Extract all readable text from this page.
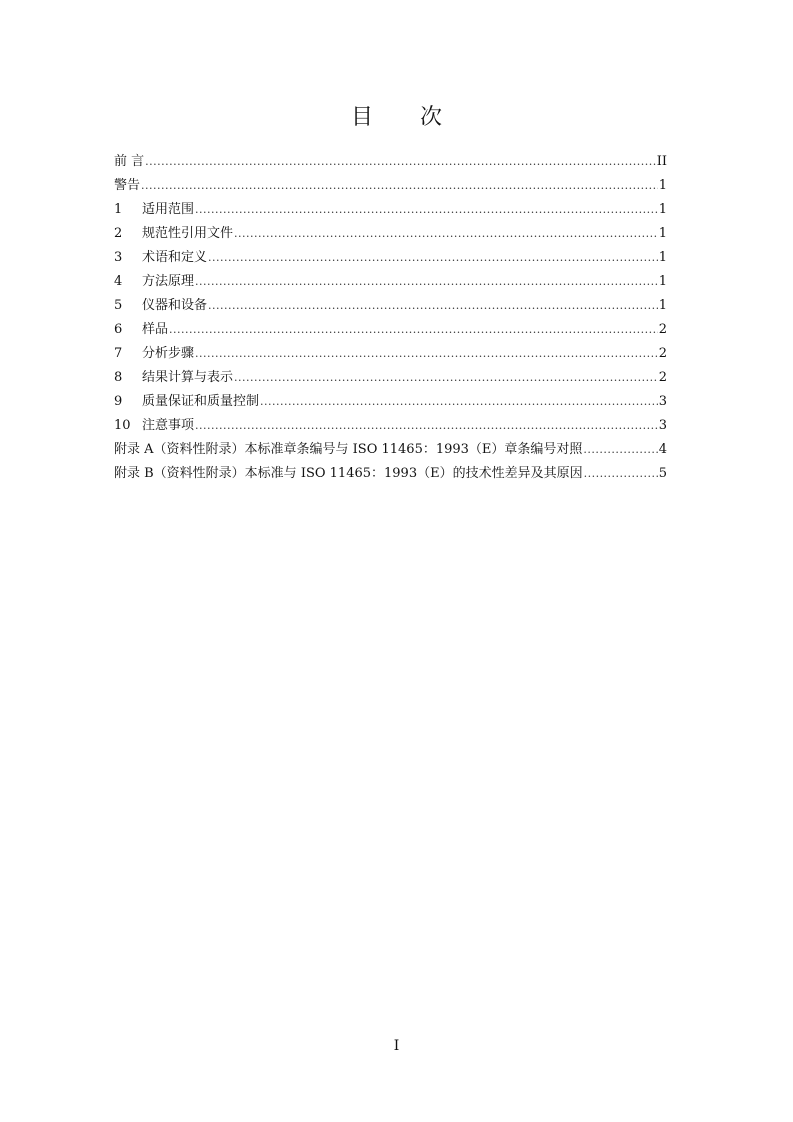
目 次
前 言 .....	II
警告 .....	1
1	适用范围 .....	1
2	规范性引用文件 .....	1
3	术语和定义 .....	1
4	方法原理 .....	1
5	仪器和设备 .....	1
6	样品 .....	2
7	分析步骤 .....	2
8	结果计算与表示 .....	2
9	质量保证和质量控制 .....	3
10 注意事项 .....	3
附录 A（资料性附录）本标准章条编号与 ISO 11465：1993（E）章条编号对照 .....	4
附录 B（资料性附录）本标准与 ISO 11465：1993（E）的技术性差异及其原因 .....	5
I
